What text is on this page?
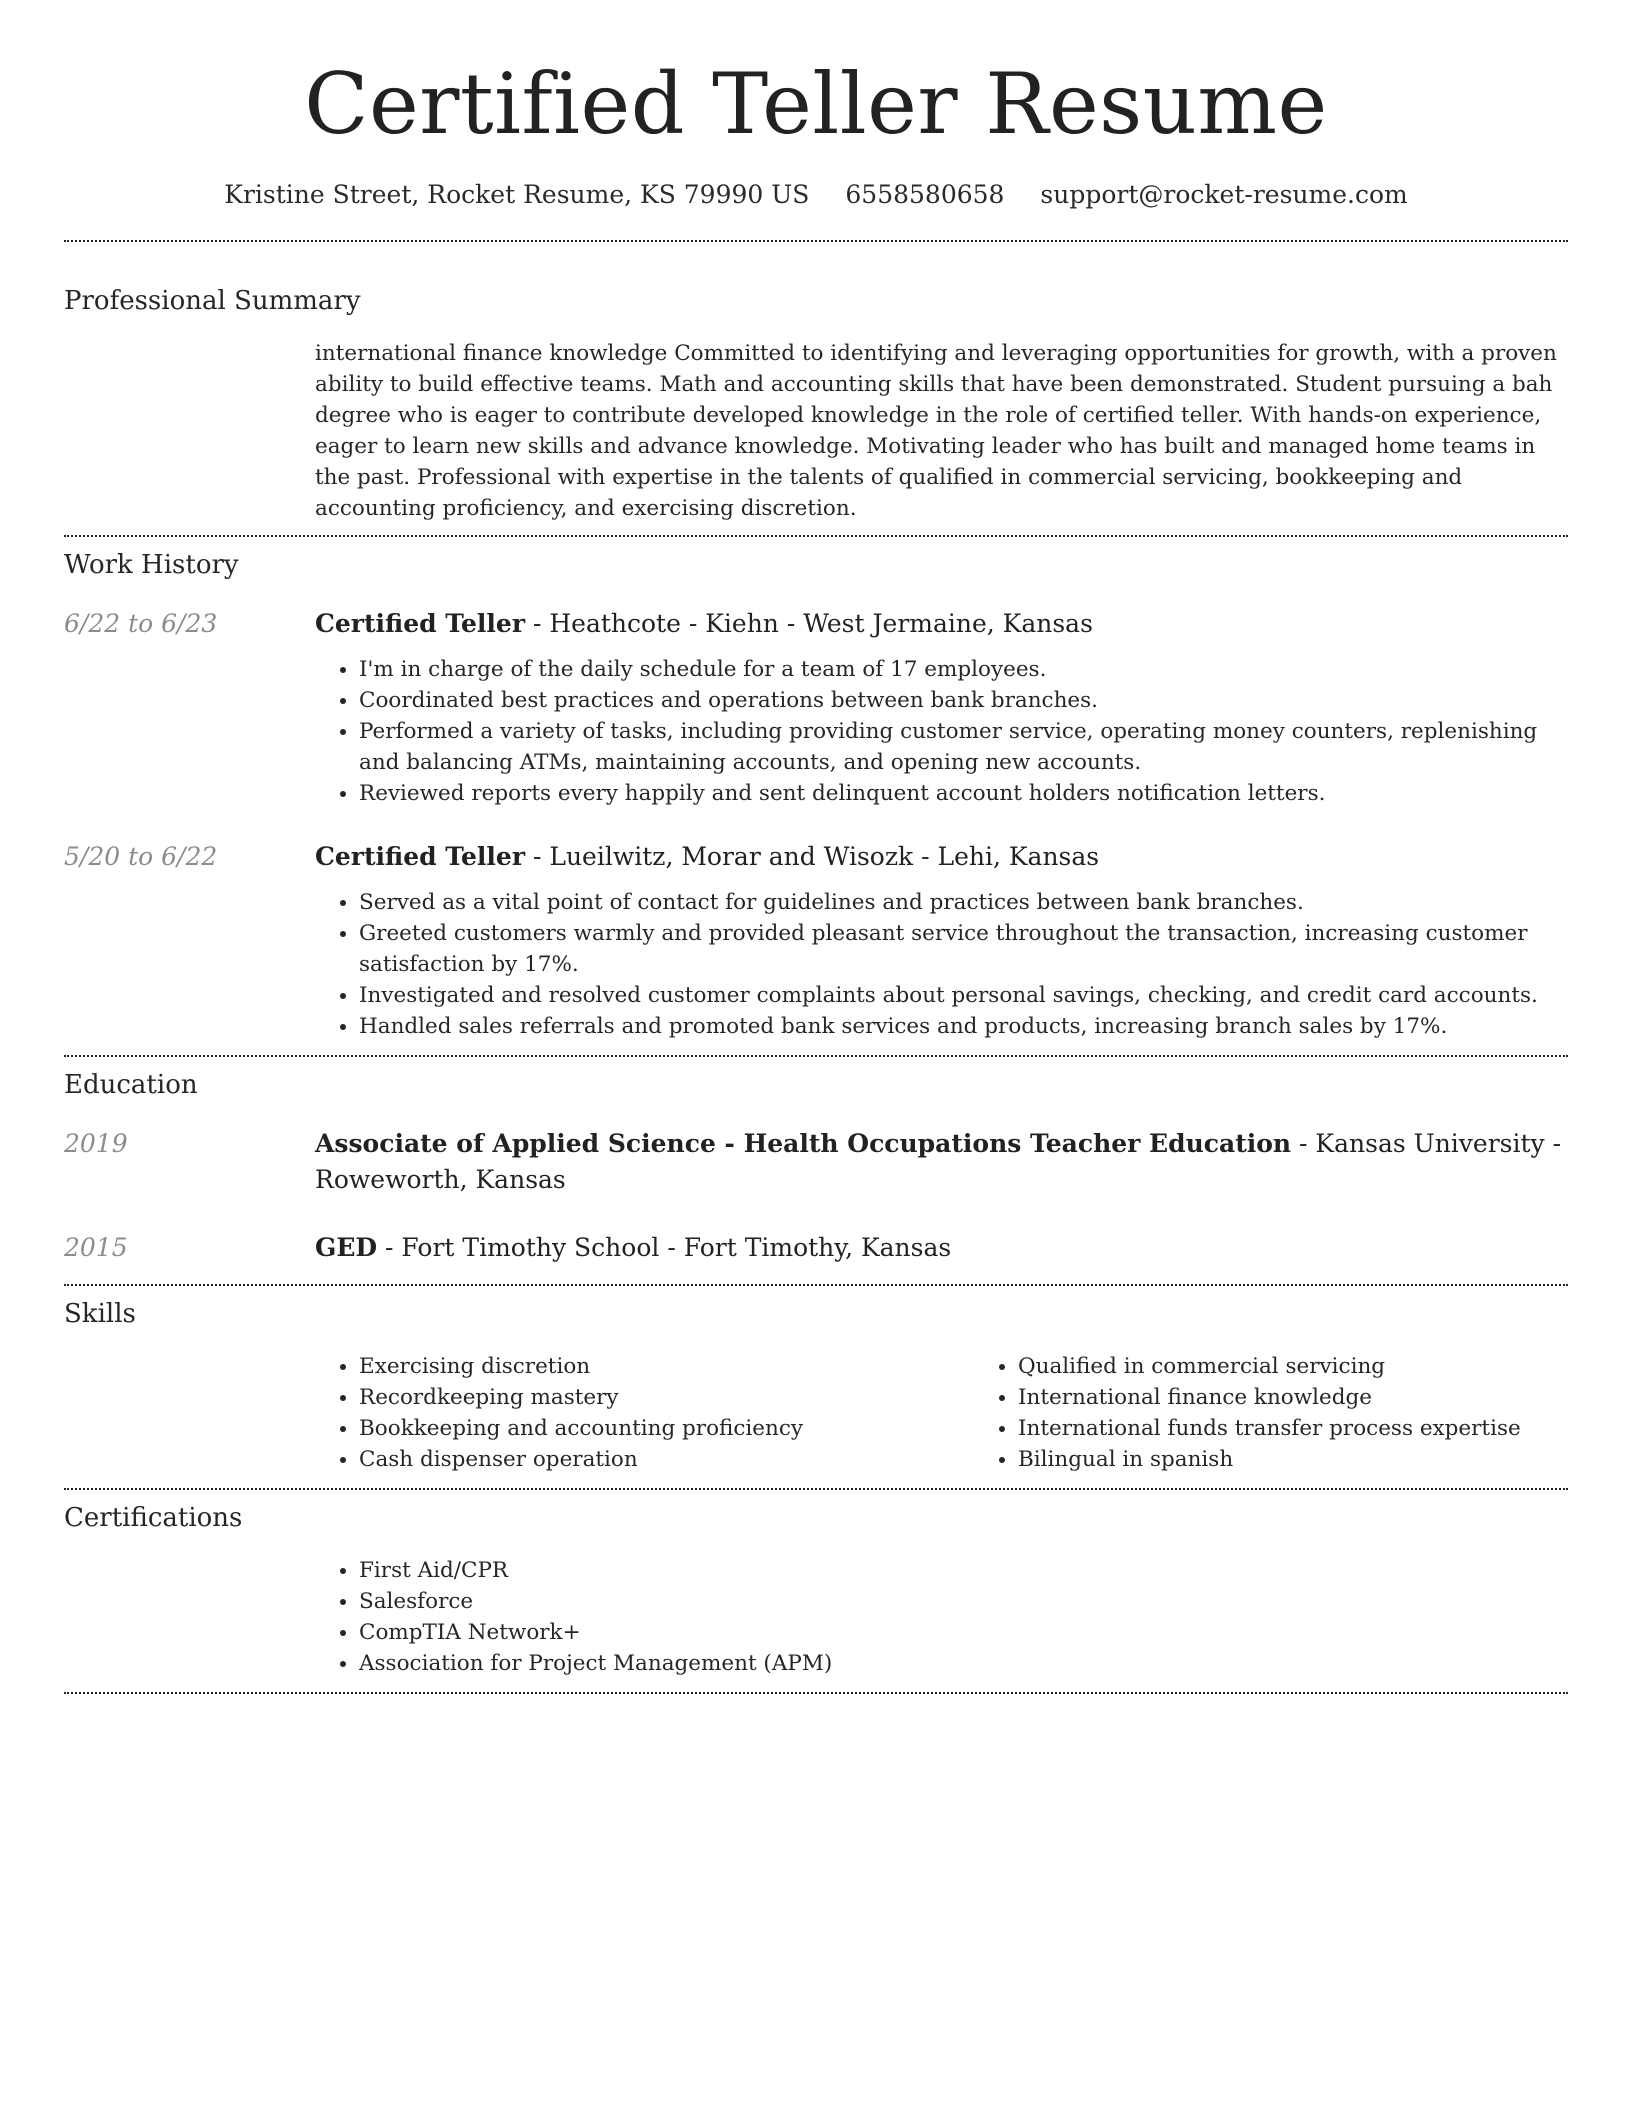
Certified Teller Resume
Kristine Street, Rocket Resume, KS 79990 US 6558580658 support@rocket-resume.com
Professional Summary

international finance knowledge Committed to identifying and leveraging opportunities for growth, with a proven ability to build effective teams. Math and accounting skills that have been demonstrated. Student pursuing a bah degree who is eager to contribute developed knowledge in the role of certified teller. With hands-on experience, eager to learn new skills and advance knowledge. Motivating leader who has built and managed home teams in the past. Professional with expertise in the talents of qualified in commercial servicing, bookkeeping and accounting proficiency, and exercising discretion.

Work History
6/22 to 6/23	Certified Teller - Heathcote - Kiehn - West Jermaine, Kansas
• I'm in charge of the daily schedule for a team of 17 employees.
• Coordinated best practices and operations between bank branches.
• Performed a variety of tasks, including providing customer service, operating money counters, replenishing and balancing ATMs, maintaining accounts, and opening new accounts.
• Reviewed reports every happily and sent delinquent account holders notification letters.
5/20 to 6/22	Certified Teller - Lueilwitz, Morar and Wisozk - Lehi, Kansas
• Served as a vital point of contact for guidelines and practices between bank branches.
• Greeted customers warmly and provided pleasant service throughout the transaction, increasing customer satisfaction by 17%.
• Investigated and resolved customer complaints about personal savings, checking, and credit card accounts.
• Handled sales referrals and promoted bank services and products, increasing branch sales by 17%.
Education
2019	Associate of Applied Science - Health Occupations Teacher Education - Kansas University - Roweworth, Kansas
2015	GED - Fort Timothy School - Fort Timothy, Kansas
Skills
• Exercising discretion
• Recordkeeping mastery
• Bookkeeping and accounting proficiency
• Cash dispenser operation
• Qualified in commercial servicing
• International finance knowledge
• International funds transfer process expertise
• Bilingual in spanish
Certifications
• First Aid/CPR
• Salesforce
• CompTIA Network+
• Association for Project Management (APM)
